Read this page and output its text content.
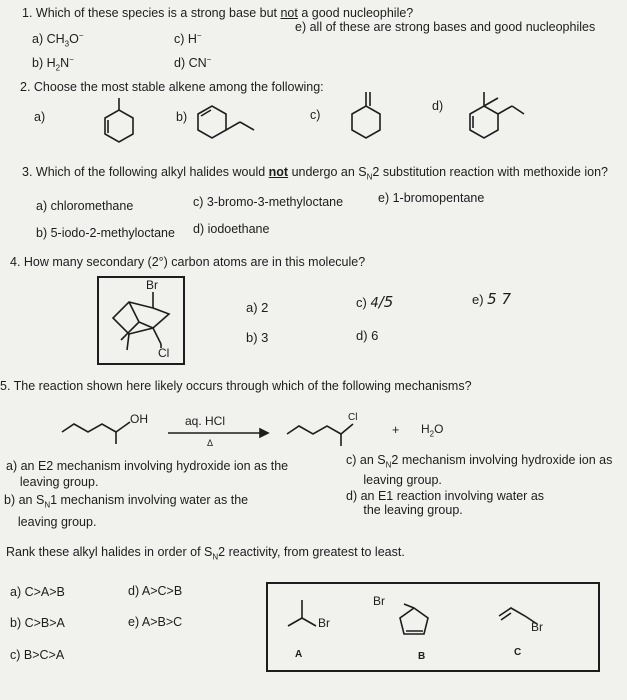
1. Which of these species is a strong base but not a good nucleophile?
a) $CH_3O^-$
b) $H_2N^-$
c) H−
d) CN−
e) all of these are strong bases and good nucleophiles
2. Choose the most stable alkene among the following:
a)	b)	c)
d)
3. Which of the following alkyl halides would not undergo an $S_N2$ substitution reaction with methoxide ion?
a) chloromethane
b) 5-iodo-2-methyloctane
c) 3-bromo-3-methyloctane
d) iodoethane
e) 1-bromopentane
4. How many secondary (2°) carbon atoms are in this molecule?
Br
Cl
a) 2
b) 3
c) 4/5
d) 6
e) 5 7
5. The reaction shown here likely occurs through which of the following mechanisms?
OH	aq. HCl
Δ
Cl
+ $H_2O$
a) an E2 mechanism involving hydroxide ion as the
leaving group.
b) an $S_N1$ mechanism involving water as the
leaving group.
c) an $S_N2$ mechanism involving hydroxide ion as
leaving group.
d) an E1 reaction involving water as
the leaving group.
Rank these alkyl halides in order of $S_N2$ reactivity, from greatest to least.
a) C>A>B
b) C>B>A
c) B>C>A
d) A>C>B
e) A>B>C	Br
A
Br
B
Br
C
